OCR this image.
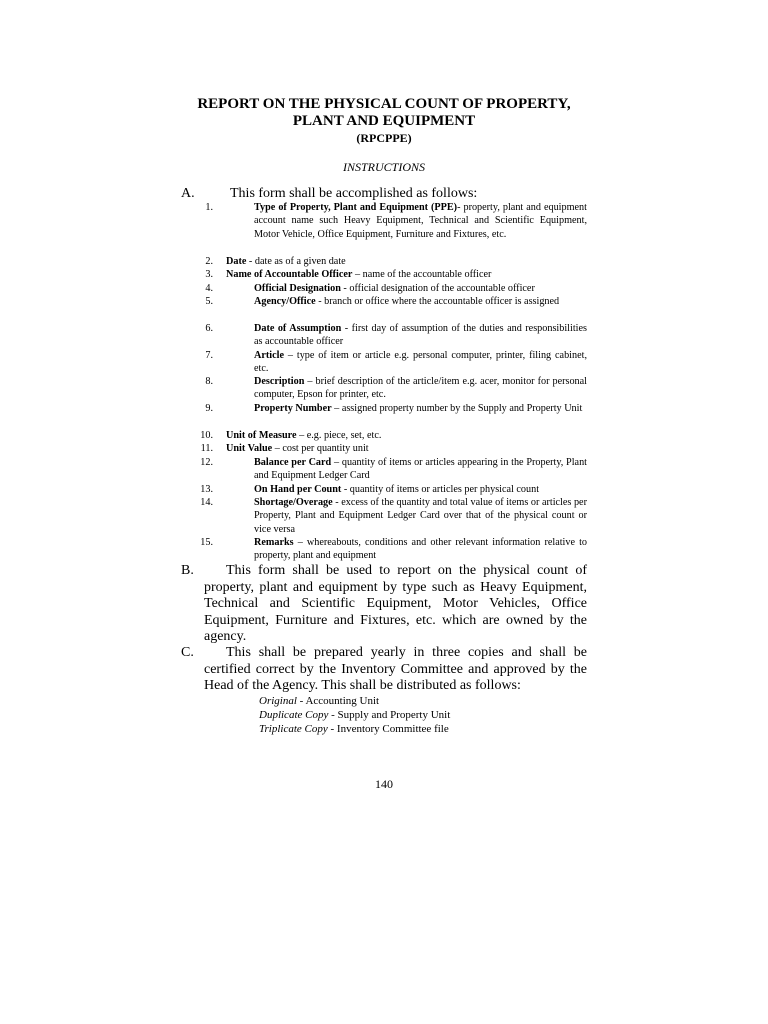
REPORT ON THE PHYSICAL COUNT OF PROPERTY,
PLANT AND EQUIPMENT
(RPCPPE)
INSTRUCTIONS
A.	This form shall be accomplished as follows:
1.	Type of Property, Plant and Equipment (PPE)- property, plant and equipment account name such Heavy Equipment, Technical and Scientific Equipment, Motor Vehicle, Office Equipment, Furniture and Fixtures, etc.
2. Date - date as of a given date
3. Name of Accountable Officer – name of the accountable officer
4.	Official Designation - official designation of the accountable officer
5.	Agency/Office - branch or office where the accountable officer is assigned
6.	Date of Assumption - first day of assumption of the duties and responsibilities as accountable officer
7.	Article – type of item or article e.g. personal computer, printer, filing cabinet, etc.
8.	Description – brief description of the article/item e.g. acer, monitor for personal computer, Epson for printer, etc.
9.	Property Number – assigned property number by the Supply and Property Unit
10. Unit of Measure – e.g. piece, set, etc.
11. Unit Value – cost per quantity unit
12.	Balance per Card – quantity of items or articles appearing in the Property, Plant and Equipment Ledger Card
13.	On Hand per Count - quantity of items or articles per physical count
14.	Shortage/Overage - excess of the quantity and total value of items or articles per Property, Plant and Equipment Ledger Card over that of the physical count or vice versa
15.	Remarks – whereabouts, conditions and other relevant information relative to property, plant and equipment
B.	This form shall be used to report on the physical count of property, plant and equipment by type such as Heavy Equipment, Technical and Scientific Equipment, Motor Vehicles, Office Equipment, Furniture and Fixtures, etc. which are owned by the agency.
C.	This shall be prepared yearly in three copies and shall be certified correct by the Inventory Committee and approved by the Head of the Agency. This shall be distributed as follows:
Original - Accounting Unit
Duplicate Copy - Supply and Property Unit
Triplicate Copy - Inventory Committee file
140
